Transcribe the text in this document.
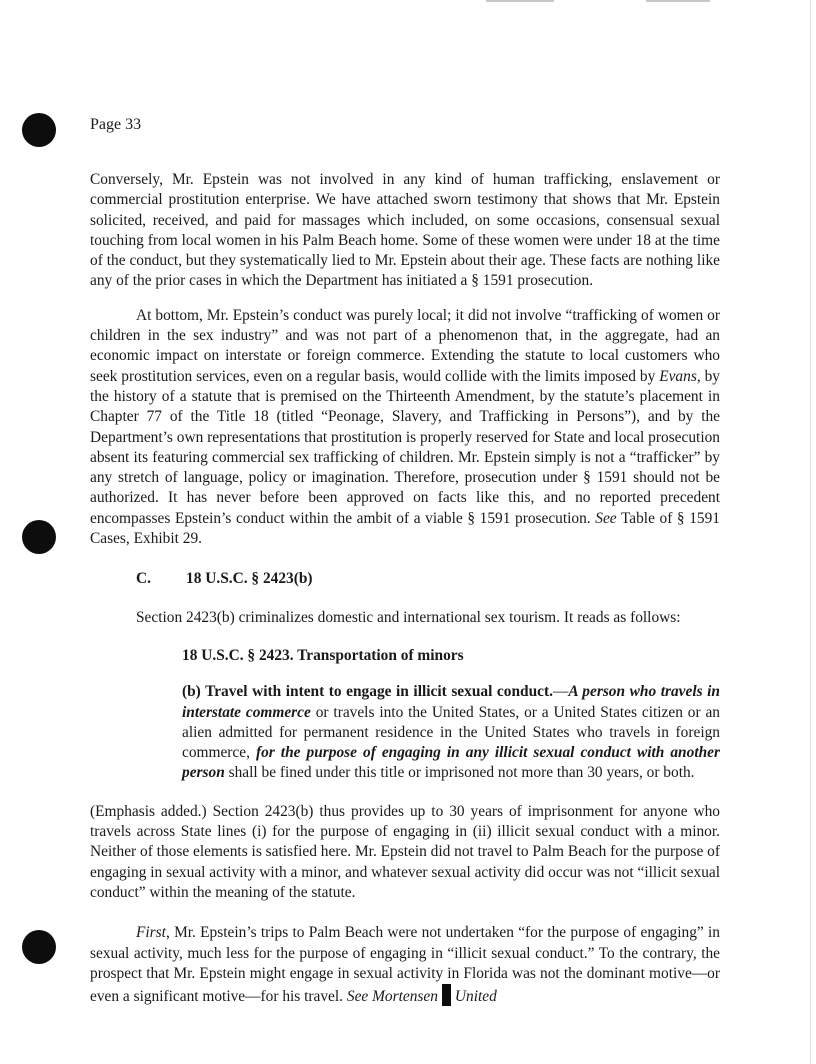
Page 33

Conversely, Mr. Epstein was not involved in any kind of human trafficking, enslavement or commercial prostitution enterprise. We have attached sworn testimony that shows that Mr. Epstein solicited, received, and paid for massages which included, on some occasions, consensual sexual touching from local women in his Palm Beach home. Some of these women were under 18 at the time of the conduct, but they systematically lied to Mr. Epstein about their age. These facts are nothing like any of the prior cases in which the Department has initiated a § 1591 prosecution.

At bottom, Mr. Epstein’s conduct was purely local; it did not involve “trafficking of women or children in the sex industry” and was not part of a phenomenon that, in the aggregate, had an economic impact on interstate or foreign commerce. Extending the statute to local customers who seek prostitution services, even on a regular basis, would collide with the limits imposed by Evans, by the history of a statute that is premised on the Thirteenth Amendment, by the statute’s placement in Chapter 77 of the Title 18 (titled “Peonage, Slavery, and Trafficking in Persons”), and by the Department’s own representations that prostitution is properly reserved for State and local prosecution absent its featuring commercial sex trafficking of children. Mr. Epstein simply is not a “trafficker” by any stretch of language, policy or imagination. Therefore, prosecution under § 1591 should not be authorized. It has never before been approved on facts like this, and no reported precedent encompasses Epstein’s conduct within the ambit of a viable § 1591 prosecution. See Table of § 1591 Cases, Exhibit 29.

C.	18 U.S.C. § 2423(b)

Section 2423(b) criminalizes domestic and international sex tourism. It reads as follows:

18 U.S.C. § 2423. Transportation of minors

(b) Travel with intent to engage in illicit sexual conduct.—A person who travels in interstate commerce or travels into the United States, or a United States citizen or an alien admitted for permanent residence in the United States who travels in foreign commerce, for the purpose of engaging in any illicit sexual conduct with another person shall be fined under this title or imprisoned not more than 30 years, or both.

(Emphasis added.) Section 2423(b) thus provides up to 30 years of imprisonment for anyone who travels across State lines (i) for the purpose of engaging in (ii) illicit sexual conduct with a minor. Neither of those elements is satisfied here. Mr. Epstein did not travel to Palm Beach for the purpose of engaging in sexual activity with a minor, and whatever sexual activity did occur was not “illicit sexual conduct” within the meaning of the statute.

First, Mr. Epstein’s trips to Palm Beach were not undertaken “for the purpose of engaging” in sexual activity, much less for the purpose of engaging in “illicit sexual conduct.” To the contrary, the prospect that Mr. Epstein might engage in sexual activity in Florida was not the dominant motive—or even a significant motive—for his travel. See Mortensen United
